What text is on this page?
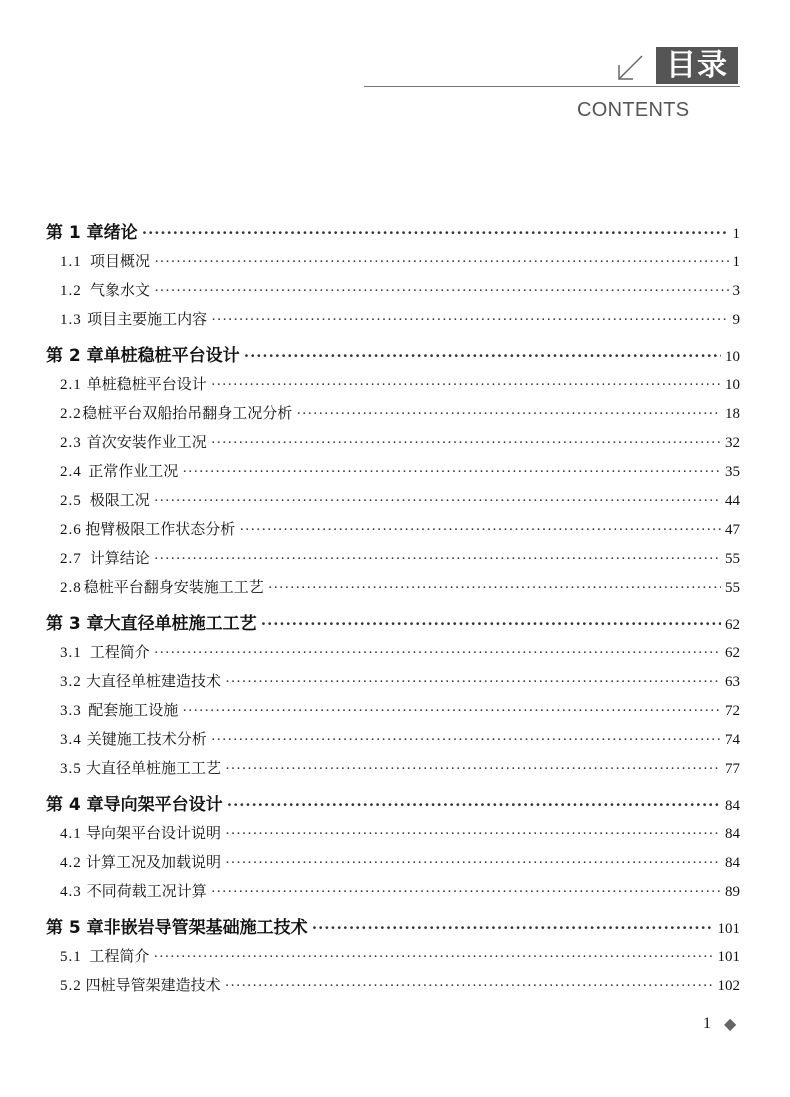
目录
CONTENTS
第 1 章 绪论 ·····	1
1.1 项目概况 ·····	1
1.2 气象水文 ·····	3
1.3 项目主要施工内容 ·····	9
第 2 章 单桩稳桩平台设计 ·····	10
2.1 单桩稳桩平台设计 ·····	10
2.2 稳桩平台双船抬吊翻身工况分析 ·····	18
2.3 首次安装作业工况 ·····	32
2.4 正常作业工况 ·····	35
2.5 极限工况 ·····	44
2.6 抱臂极限工作状态分析 ·····	47
2.7 计算结论 ·····	55
2.8 稳桩平台翻身安装施工工艺 ·····	55
第 3 章 大直径单桩施工工艺 ·····	62
3.1 工程简介 ·····	62
3.2 大直径单桩建造技术 ·····	63
3.3 配套施工设施 ·····	72
3.4 关键施工技术分析 ·····	74
3.5 大直径单桩施工工艺 ·····	77
第 4 章 导向架平台设计 ·····	84
4.1 导向架平台设计说明 ·····	84
4.2 计算工况及加载说明 ·····	84
4.3 不同荷载工况计算 ·····	89
第 5 章 非嵌岩导管架基础施工技术 ·····	101
5.1 工程简介 ·····	101
5.2 四桩导管架建造技术 ·····	102
1 ◆
